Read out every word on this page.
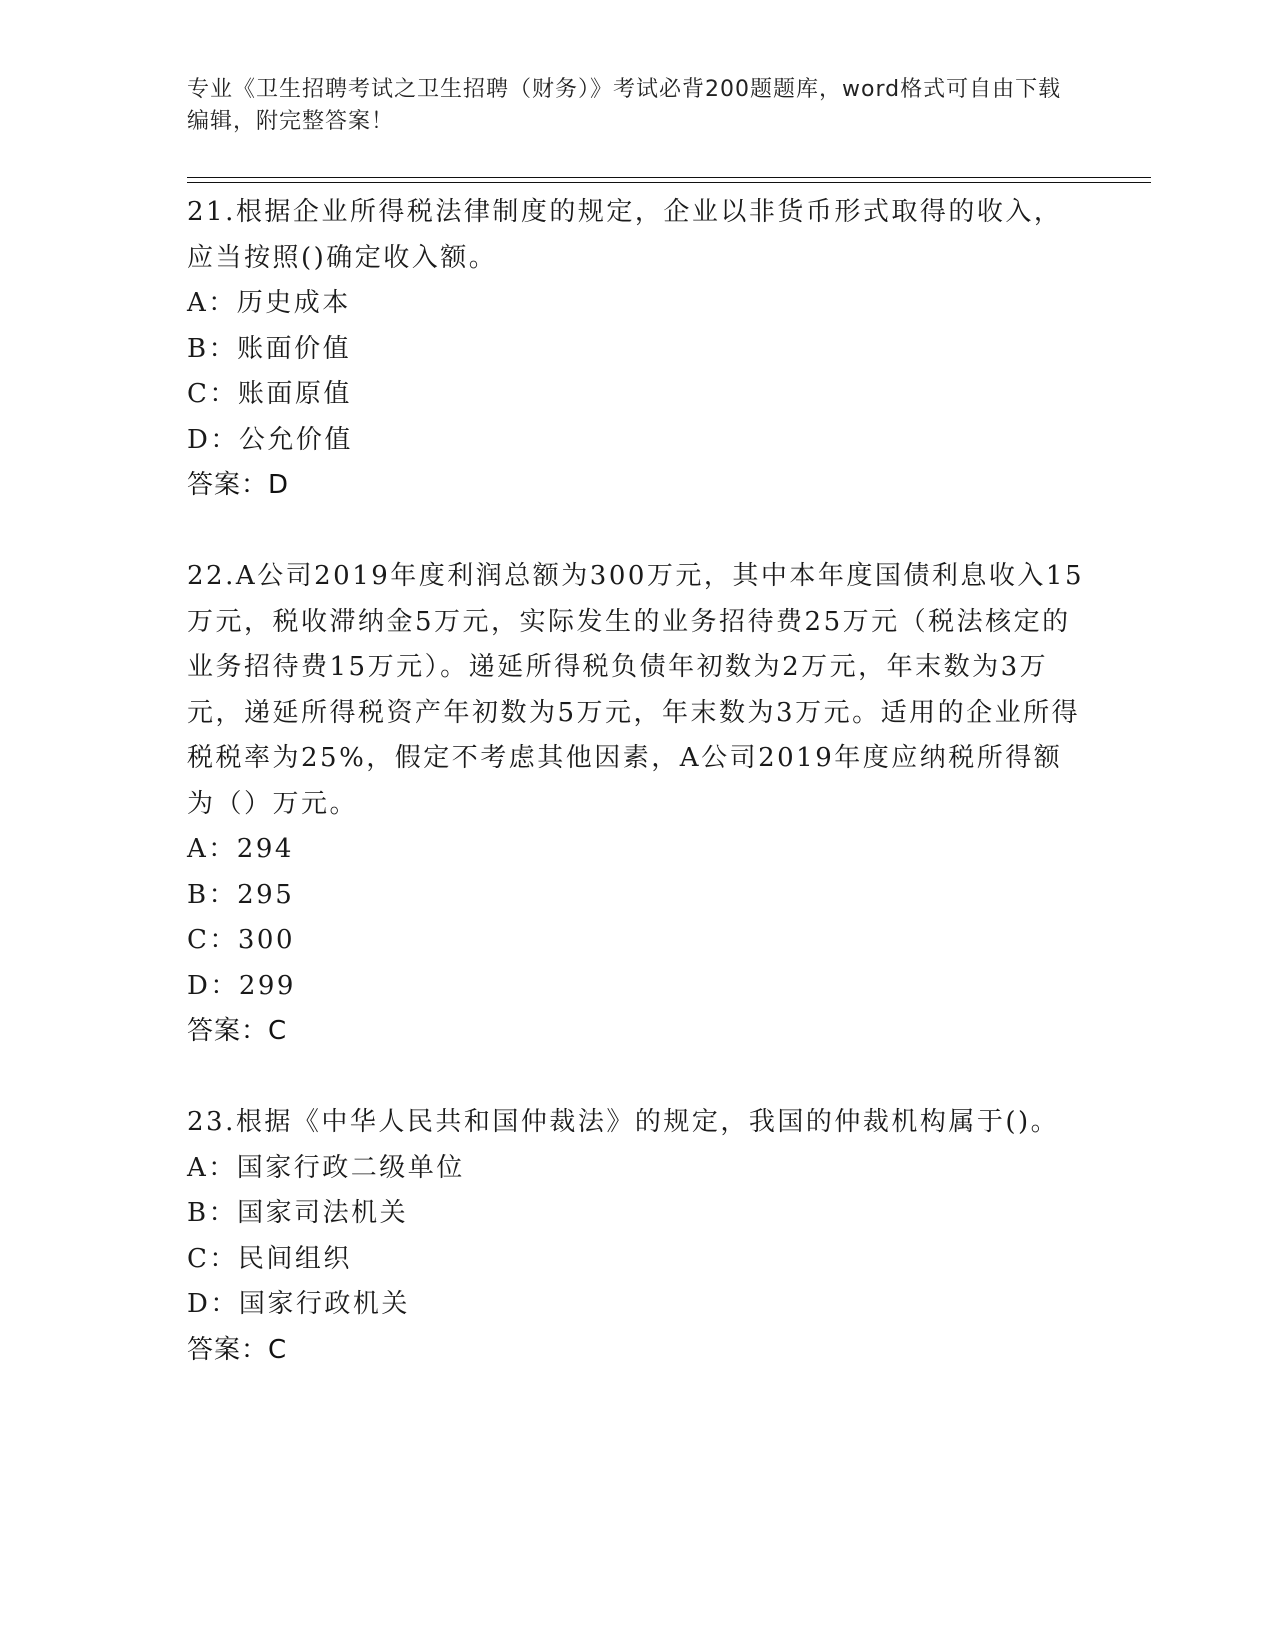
专业《卫生招聘考试之卫生招聘（财务）》考试必背200题题库，word格式可自由下载编辑，附完整答案！
21.根据企业所得税法律制度的规定，企业以非货币形式取得的收入，应当按照()确定收入额。
A：历史成本
B：账面价值
C：账面原值
D：公允价值
答案：D
22.A公司2019年度利润总额为300万元，其中本年度国债利息收入15万元，税收滞纳金5万元，实际发生的业务招待费25万元（税法核定的业务招待费15万元）。递延所得税负债年初数为2万元，年末数为3万元，递延所得税资产年初数为5万元，年末数为3万元。适用的企业所得税税率为25%，假定不考虑其他因素，A公司2019年度应纳税所得额为（）万元。
A：294
B：295
C：300
D：299
答案：C
23.根据《中华人民共和国仲裁法》的规定，我国的仲裁机构属于()。
A：国家行政二级单位
B：国家司法机关
C：民间组织
D：国家行政机关
答案：C
